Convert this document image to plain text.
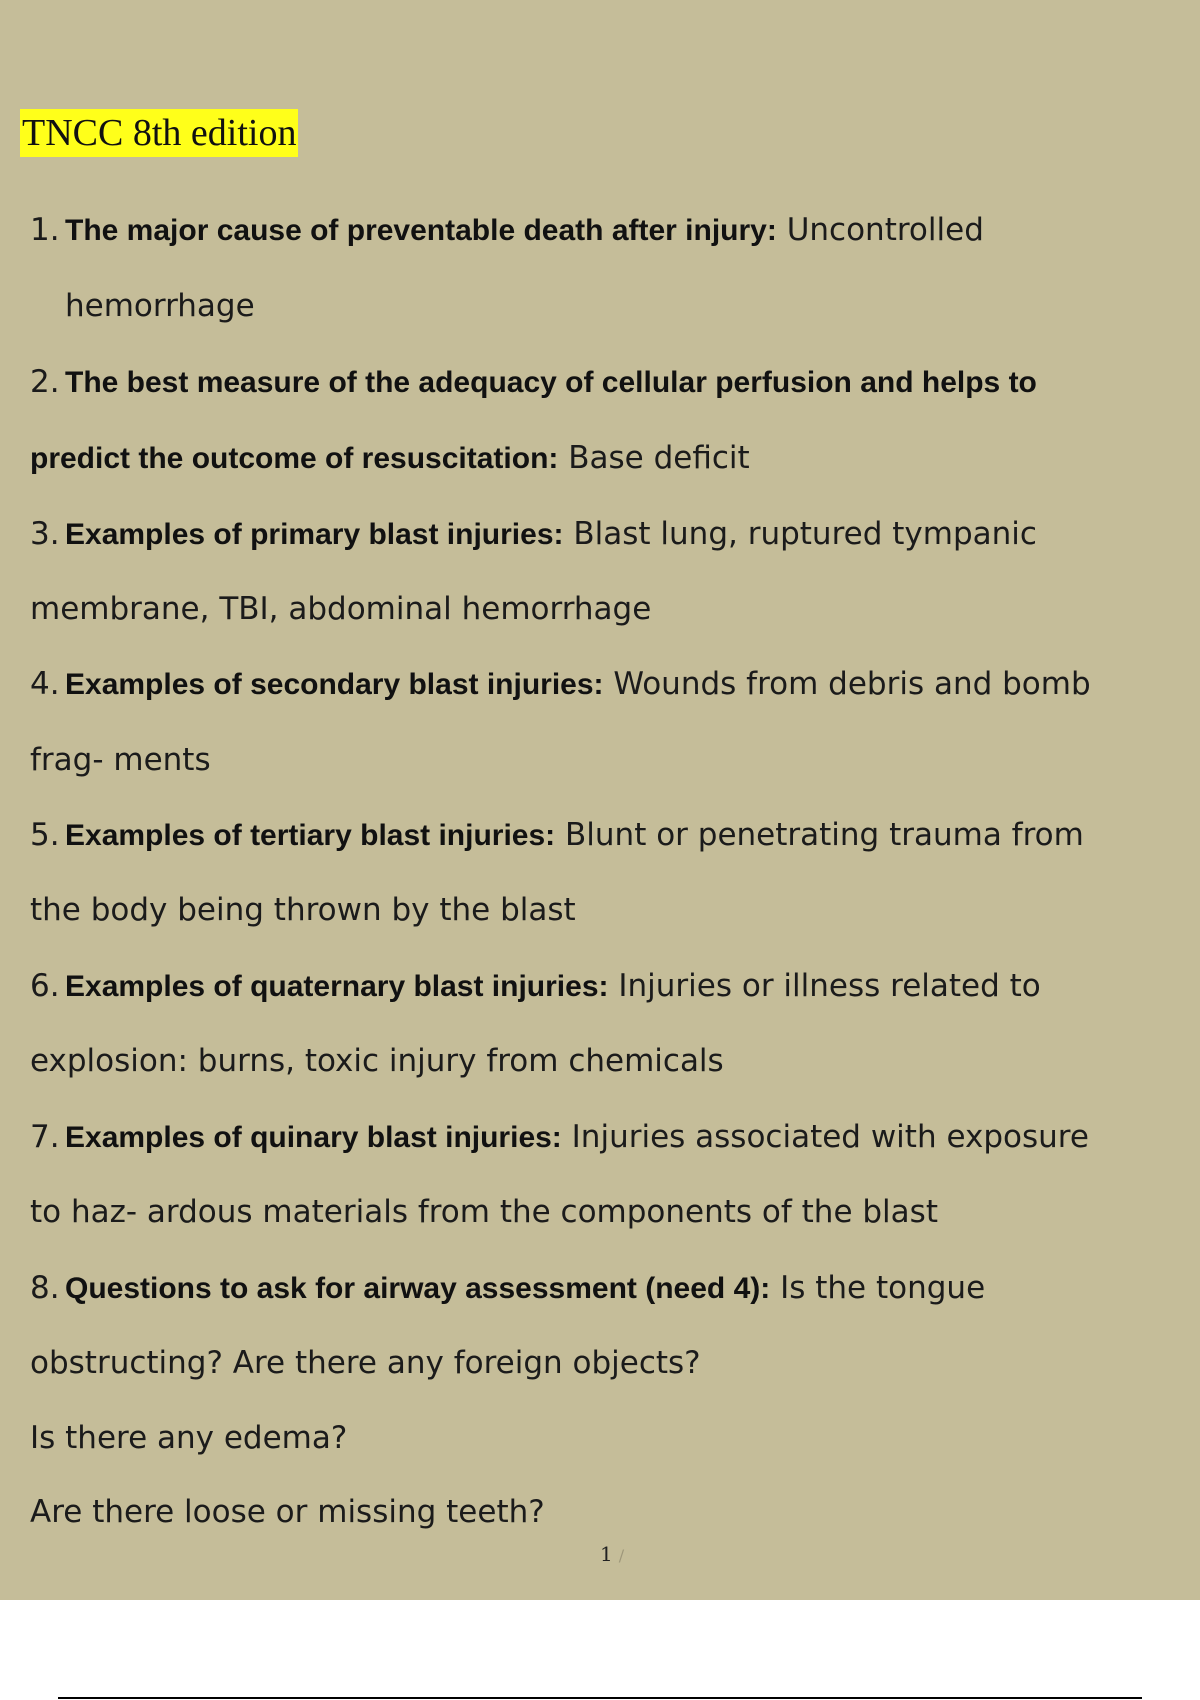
TNCC 8th edition
1. The major cause of preventable death after injury: Uncontrolled
hemorrhage
2. The best measure of the adequacy of cellular perfusion and helps to
predict the outcome of resuscitation: Base deficit
3. Examples of primary blast injuries: Blast lung, ruptured tympanic
membrane, TBI, abdominal hemorrhage
4. Examples of secondary blast injuries: Wounds from debris and bomb
frag- ments
5. Examples of tertiary blast injuries: Blunt or penetrating trauma from
the body being thrown by the blast
6. Examples of quaternary blast injuries: Injuries or illness related to
explosion: burns, toxic injury from chemicals
7. Examples of quinary blast injuries: Injuries associated with exposure
to haz- ardous materials from the components of the blast
8. Questions to ask for airway assessment (need 4): Is the tongue
obstructing? Are there any foreign objects?
Is there any edema?
Are there loose or missing teeth?
1 /
